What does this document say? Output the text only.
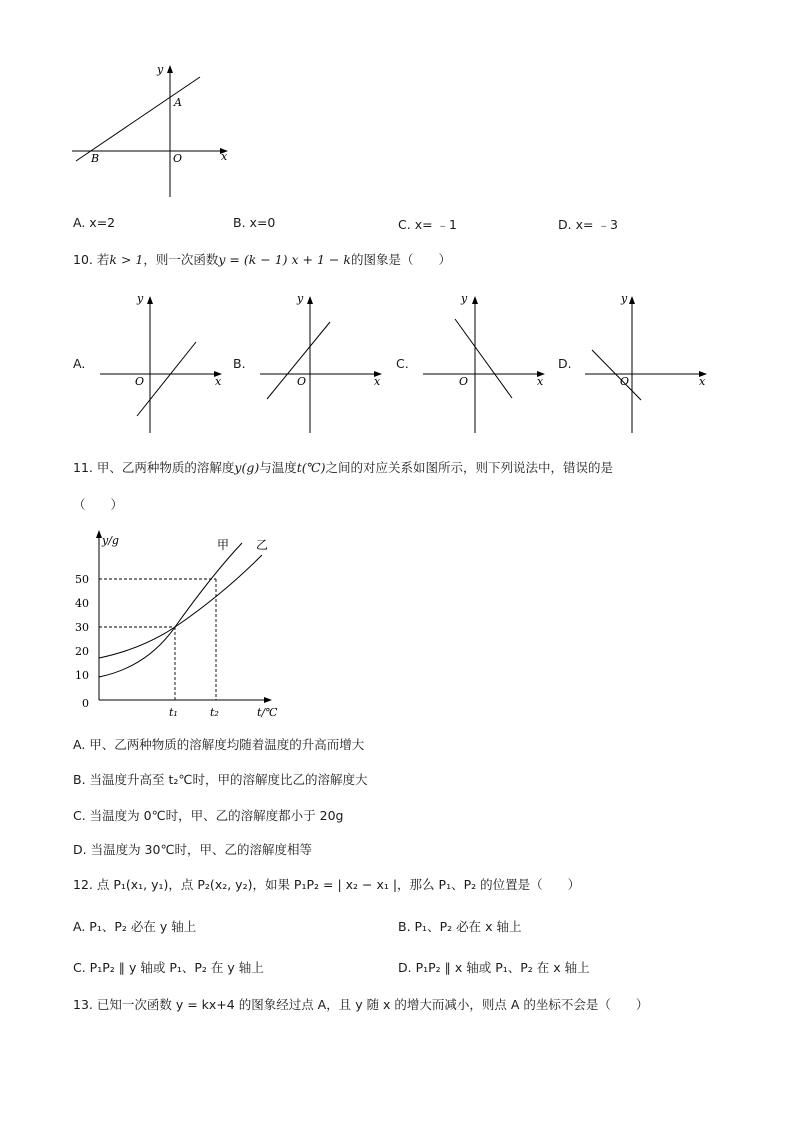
y
x
A
B	O
A. x=2	B. x=0	C. x= ﹣1	D. x= ﹣3
10. 若k > 1，则一次函数y = (k − 1) x + 1 − k的图象是（　　）
A.
y
x
O
B.
y
x
O
C.
y
x
O
D.
y
x
O
11. 甲、乙两种物质的溶解度y(g)与温度t(℃)之间的对应关系如图所示，则下列说法中，错误的是
（　　）
y/g
t/℃
0
50
40
30
20
10
t₁	t₂
甲 乙
A. 甲、乙两种物质的溶解度均随着温度的升高而增大
B. 当温度升高至 t₂℃时，甲的溶解度比乙的溶解度大
C. 当温度为 0℃时，甲、乙的溶解度都小于 20g
D. 当温度为 30℃时，甲、乙的溶解度相等
12. 点 P₁(x₁, y₁)，点 P₂(x₂, y₂)，如果 P₁P₂ = | x₂ − x₁ |，那么 P₁、P₂ 的位置是（　　）
A. P₁、P₂ 必在 y 轴上	B. P₁、P₂ 必在 x 轴上
C. P₁P₂ ∥ y 轴或 P₁、P₂ 在 y 轴上	D. P₁P₂ ∥ x 轴或 P₁、P₂ 在 x 轴上
13. 已知一次函数 y = kx+4 的图象经过点 A，且 y 随 x 的增大而减小，则点 A 的坐标不会是（　　）
